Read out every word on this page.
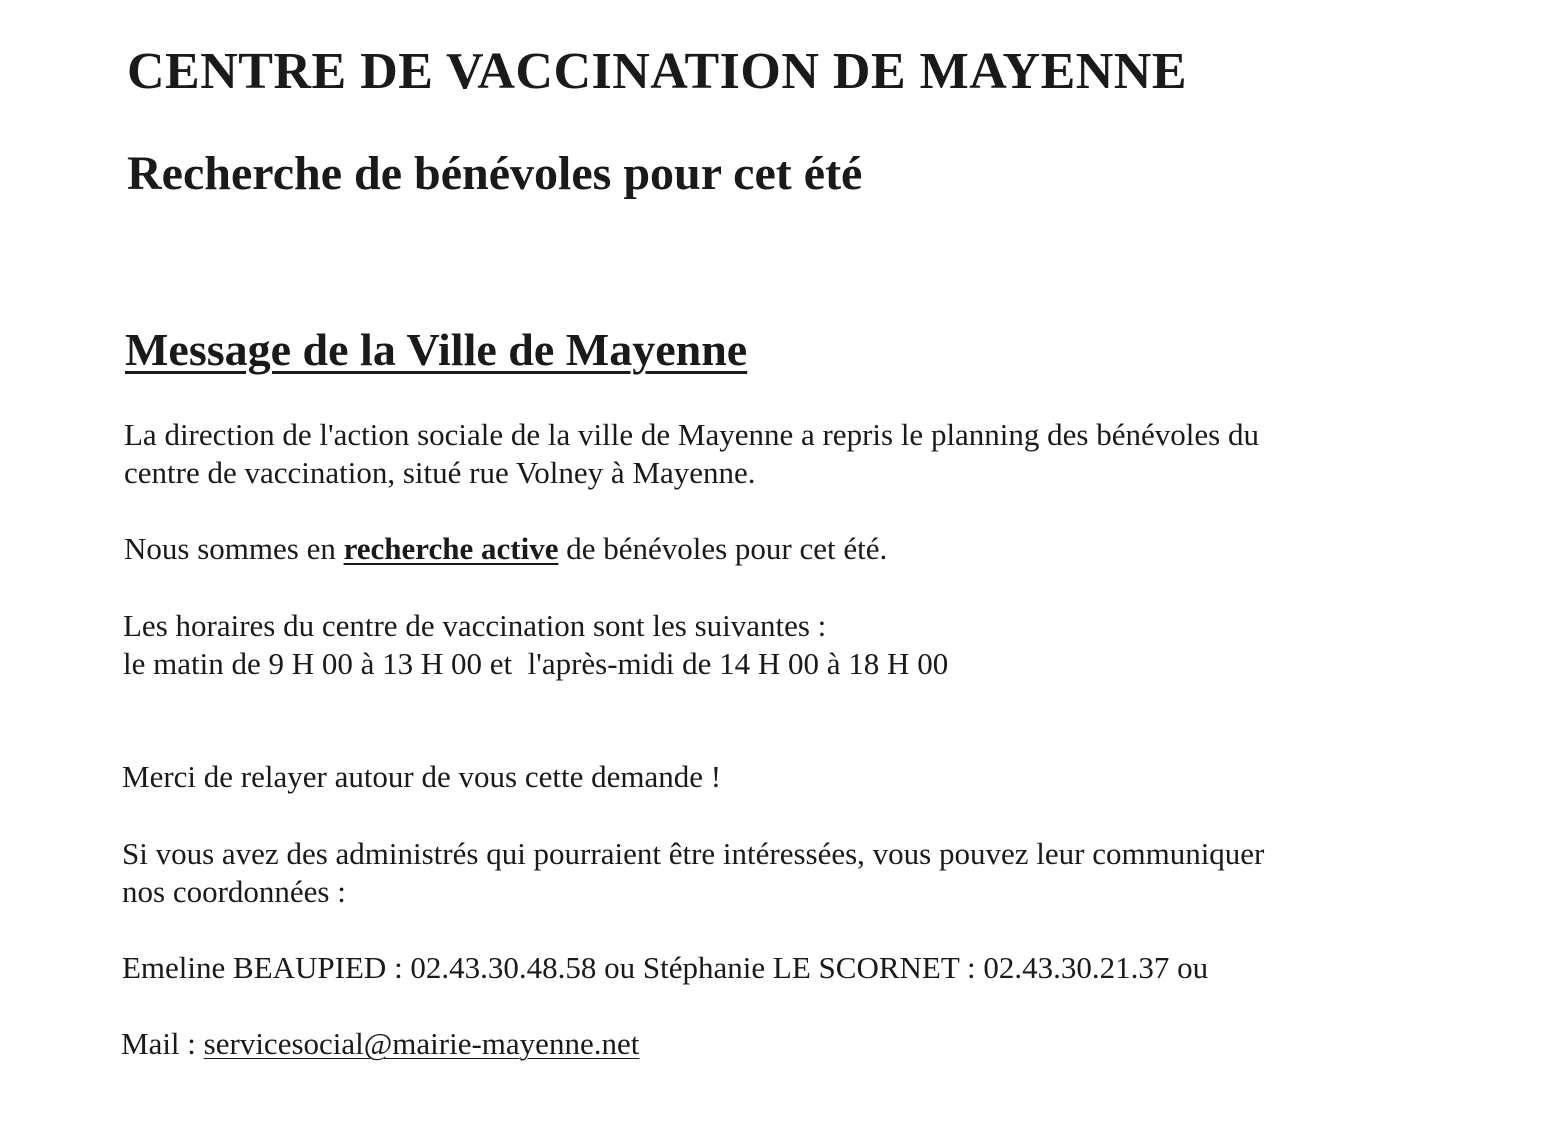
CENTRE DE VACCINATION DE MAYENNE
Recherche de bénévoles pour cet été
Message de la Ville de Mayenne
La direction de l'action sociale de la ville de Mayenne a repris le planning des bénévoles du
centre de vaccination, situé rue Volney à Mayenne.
Nous sommes en recherche active de bénévoles pour cet été.
Les horaires du centre de vaccination sont les suivantes :
le matin de 9 H 00 à 13 H 00 et  l'après-midi de 14 H 00 à 18 H 00
Merci de relayer autour de vous cette demande !
Si vous avez des administrés qui pourraient être intéressées, vous pouvez leur communiquer
nos coordonnées :
Emeline BEAUPIED : 02.43.30.48.58 ou Stéphanie LE SCORNET : 02.43.30.21.37 ou
Mail : servicesocial@mairie-mayenne.net
